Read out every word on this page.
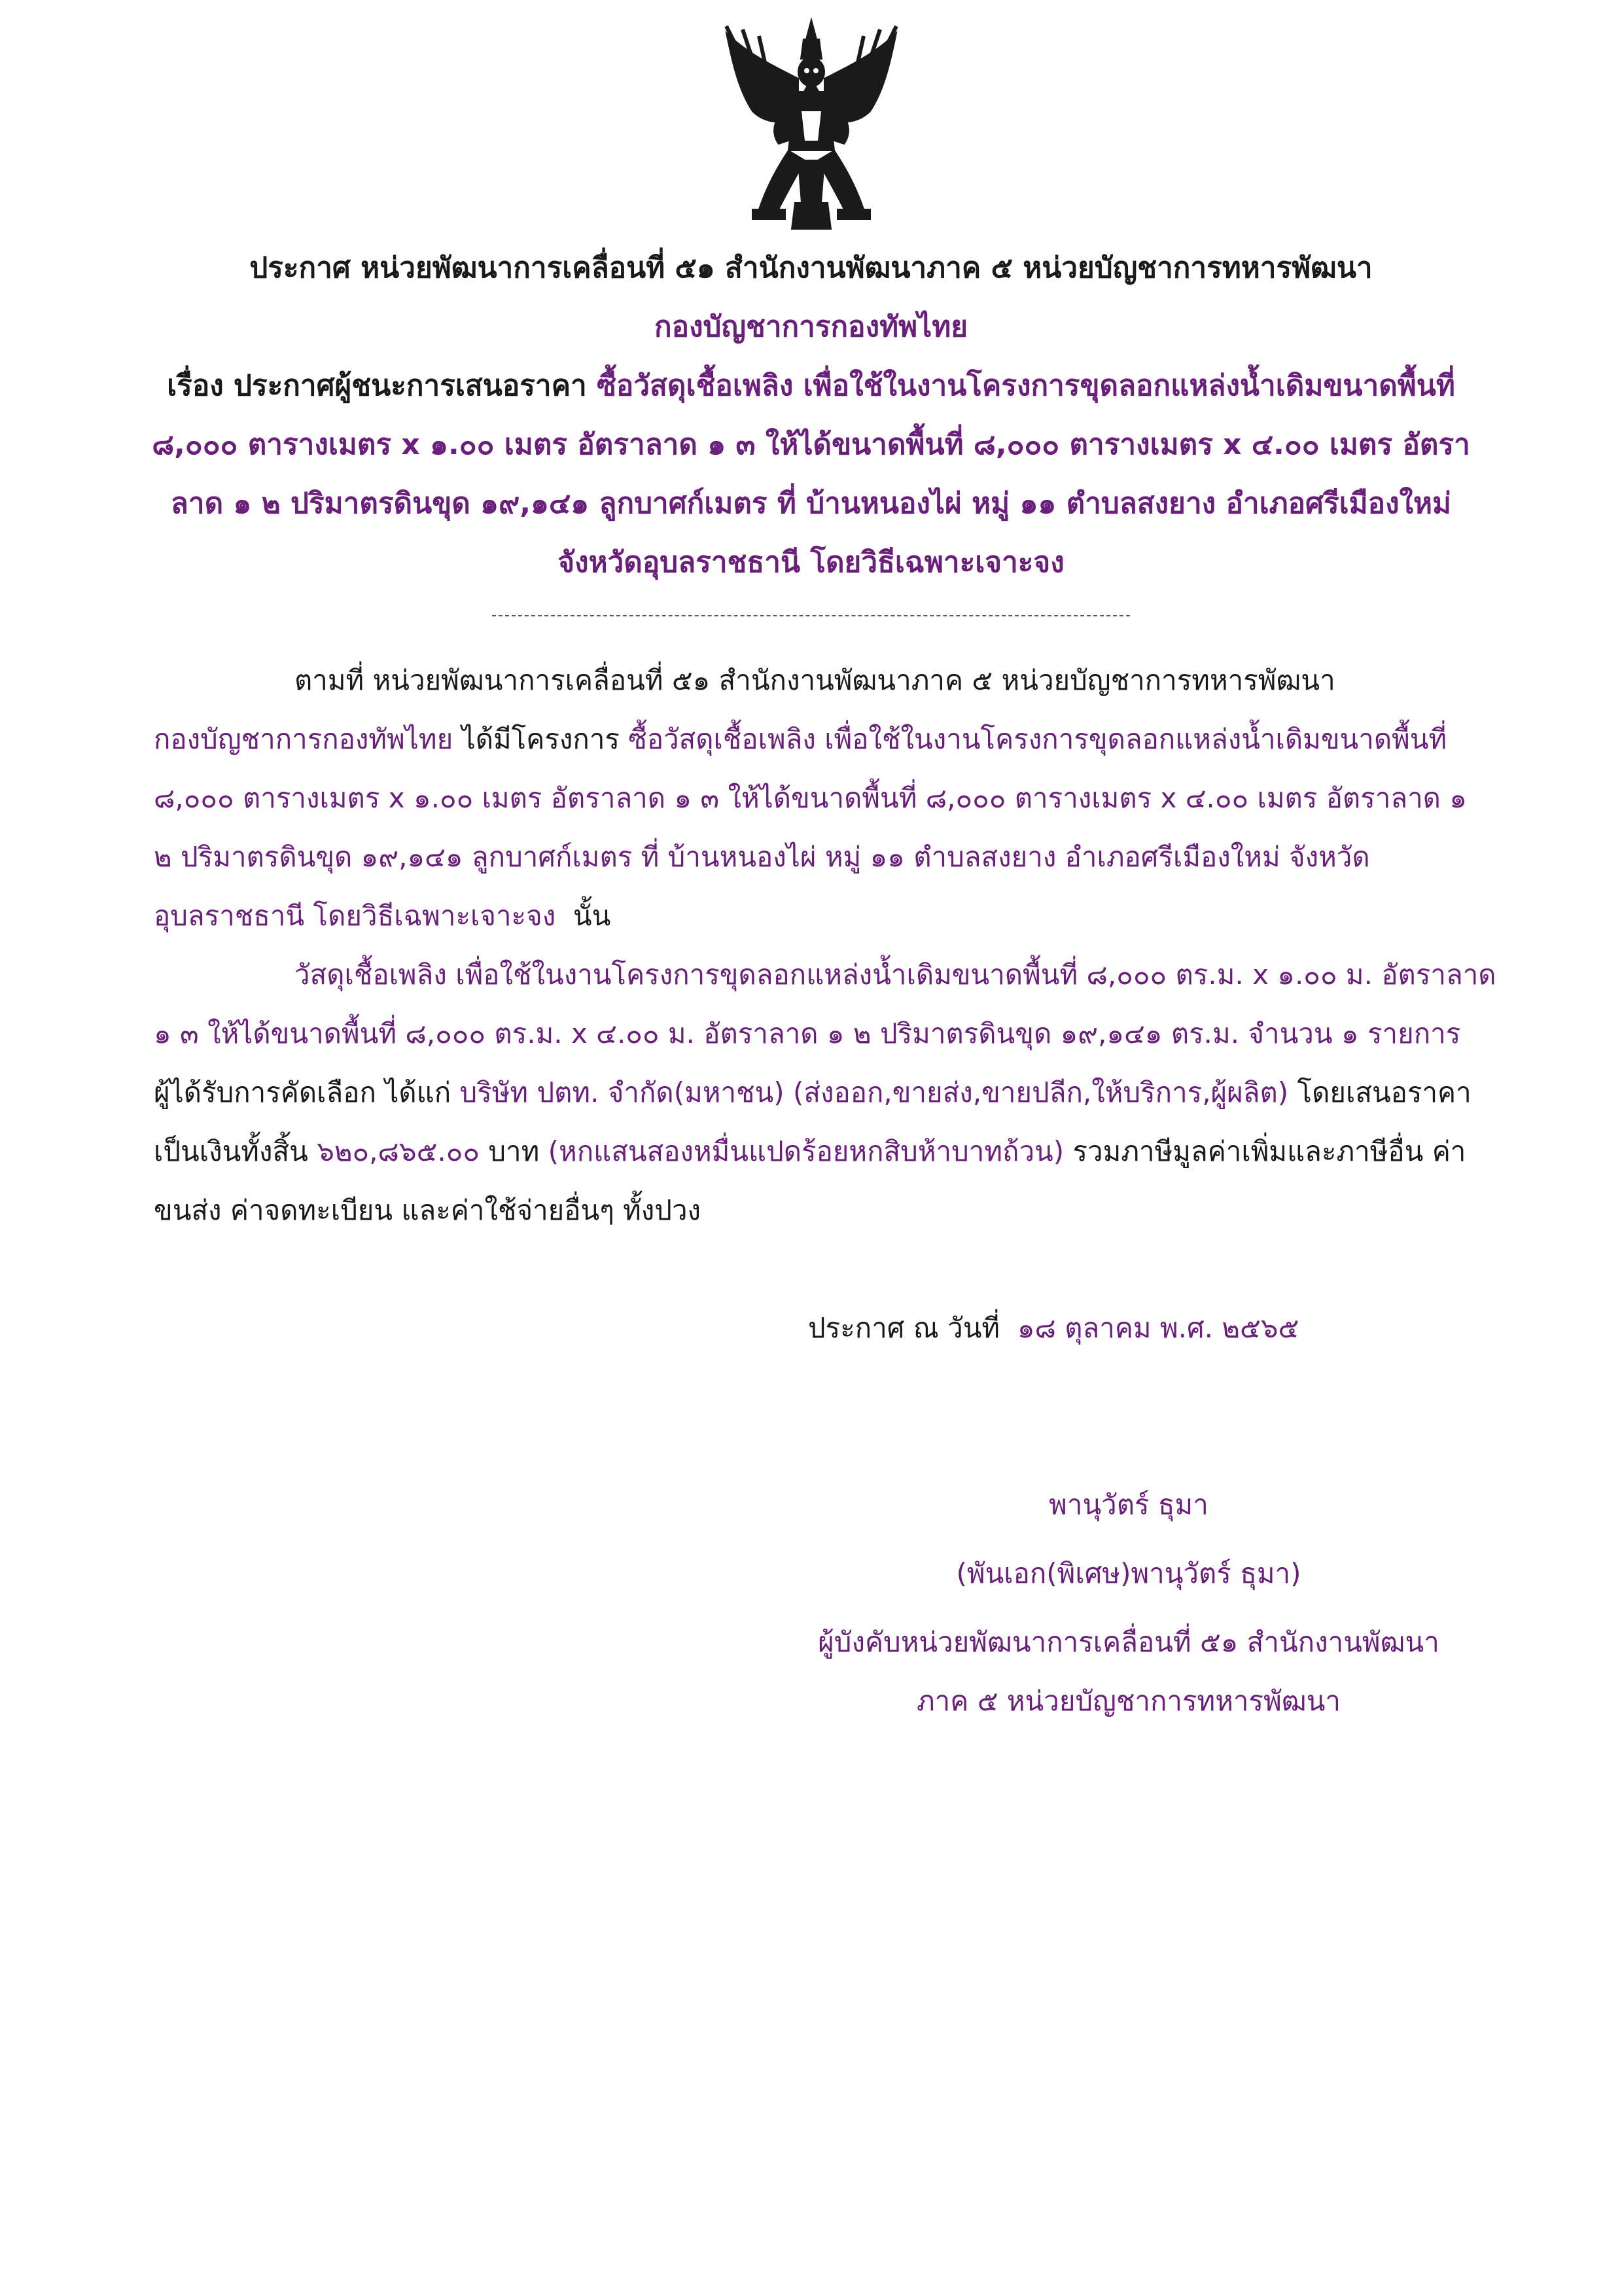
ประกาศ หน่วยพัฒนาการเคลื่อนที่ ๕๑ สำนักงานพัฒนาภาค ๕ หน่วยบัญชาการทหารพัฒนา
กองบัญชาการกองทัพไทย
เรื่อง ประกาศผู้ชนะการเสนอราคา ซื้อวัสดุเชื้อเพลิง เพื่อใช้ในงานโครงการขุดลอกแหล่งน้ำเดิมขนาดพื้นที่
๘,๐๐๐ ตารางเมตร x ๑.๐๐ เมตร อัตราลาด ๑ ๓ ให้ได้ขนาดพื้นที่ ๘,๐๐๐ ตารางเมตร x ๔.๐๐ เมตร อัตรา
ลาด ๑ ๒ ปริมาตรดินขุด ๑๙,๑๔๑ ลูกบาศก์เมตร ที่ บ้านหนองไผ่ หมู่ ๑๑ ตำบลสงยาง อำเภอศรีเมืองใหม่
จังหวัดอุบลราชธานี โดยวิธีเฉพาะเจาะจง
ตามที่ หน่วยพัฒนาการเคลื่อนที่ ๕๑ สำนักงานพัฒนาภาค ๕ หน่วยบัญชาการทหารพัฒนา
กองบัญชาการกองทัพไทย ได้มีโครงการ ซื้อวัสดุเชื้อเพลิง เพื่อใช้ในงานโครงการขุดลอกแหล่งน้ำเดิมขนาดพื้นที่
๘,๐๐๐ ตารางเมตร x ๑.๐๐ เมตร อัตราลาด ๑ ๓ ให้ได้ขนาดพื้นที่ ๘,๐๐๐ ตารางเมตร x ๔.๐๐ เมตร อัตราลาด ๑
๒ ปริมาตรดินขุด ๑๙,๑๔๑ ลูกบาศก์เมตร ที่ บ้านหนองไผ่ หมู่ ๑๑ ตำบลสงยาง อำเภอศรีเมืองใหม่ จังหวัด
อุบลราชธานี โดยวิธีเฉพาะเจาะจง  นั้น
วัสดุเชื้อเพลิง เพื่อใช้ในงานโครงการขุดลอกแหล่งน้ำเดิมขนาดพื้นที่ ๘,๐๐๐ ตร.ม. x ๑.๐๐ ม. อัตราลาด
๑ ๓ ให้ได้ขนาดพื้นที่ ๘,๐๐๐ ตร.ม. x ๔.๐๐ ม. อัตราลาด ๑ ๒ ปริมาตรดินขุด ๑๙,๑๔๑ ตร.ม. จำนวน ๑ รายการ
ผู้ได้รับการคัดเลือก ได้แก่ บริษัท ปตท. จำกัด(มหาชน) (ส่งออก,ขายส่ง,ขายปลีก,ให้บริการ,ผู้ผลิต) โดยเสนอราคา
เป็นเงินทั้งสิ้น ๖๒๐,๘๖๕.๐๐ บาท (หกแสนสองหมื่นแปดร้อยหกสิบห้าบาทถ้วน) รวมภาษีมูลค่าเพิ่มและภาษีอื่น ค่า
ขนส่ง ค่าจดทะเบียน และค่าใช้จ่ายอื่นๆ ทั้งปวง
ประกาศ ณ วันที่  ๑๘ ตุลาคม พ.ศ. ๒๕๖๕
พานุวัตร์ ธุมา
(พันเอก(พิเศษ)พานุวัตร์ ธุมา)
ผู้บังคับหน่วยพัฒนาการเคลื่อนที่ ๕๑ สำนักงานพัฒนา
ภาค ๕ หน่วยบัญชาการทหารพัฒนา
